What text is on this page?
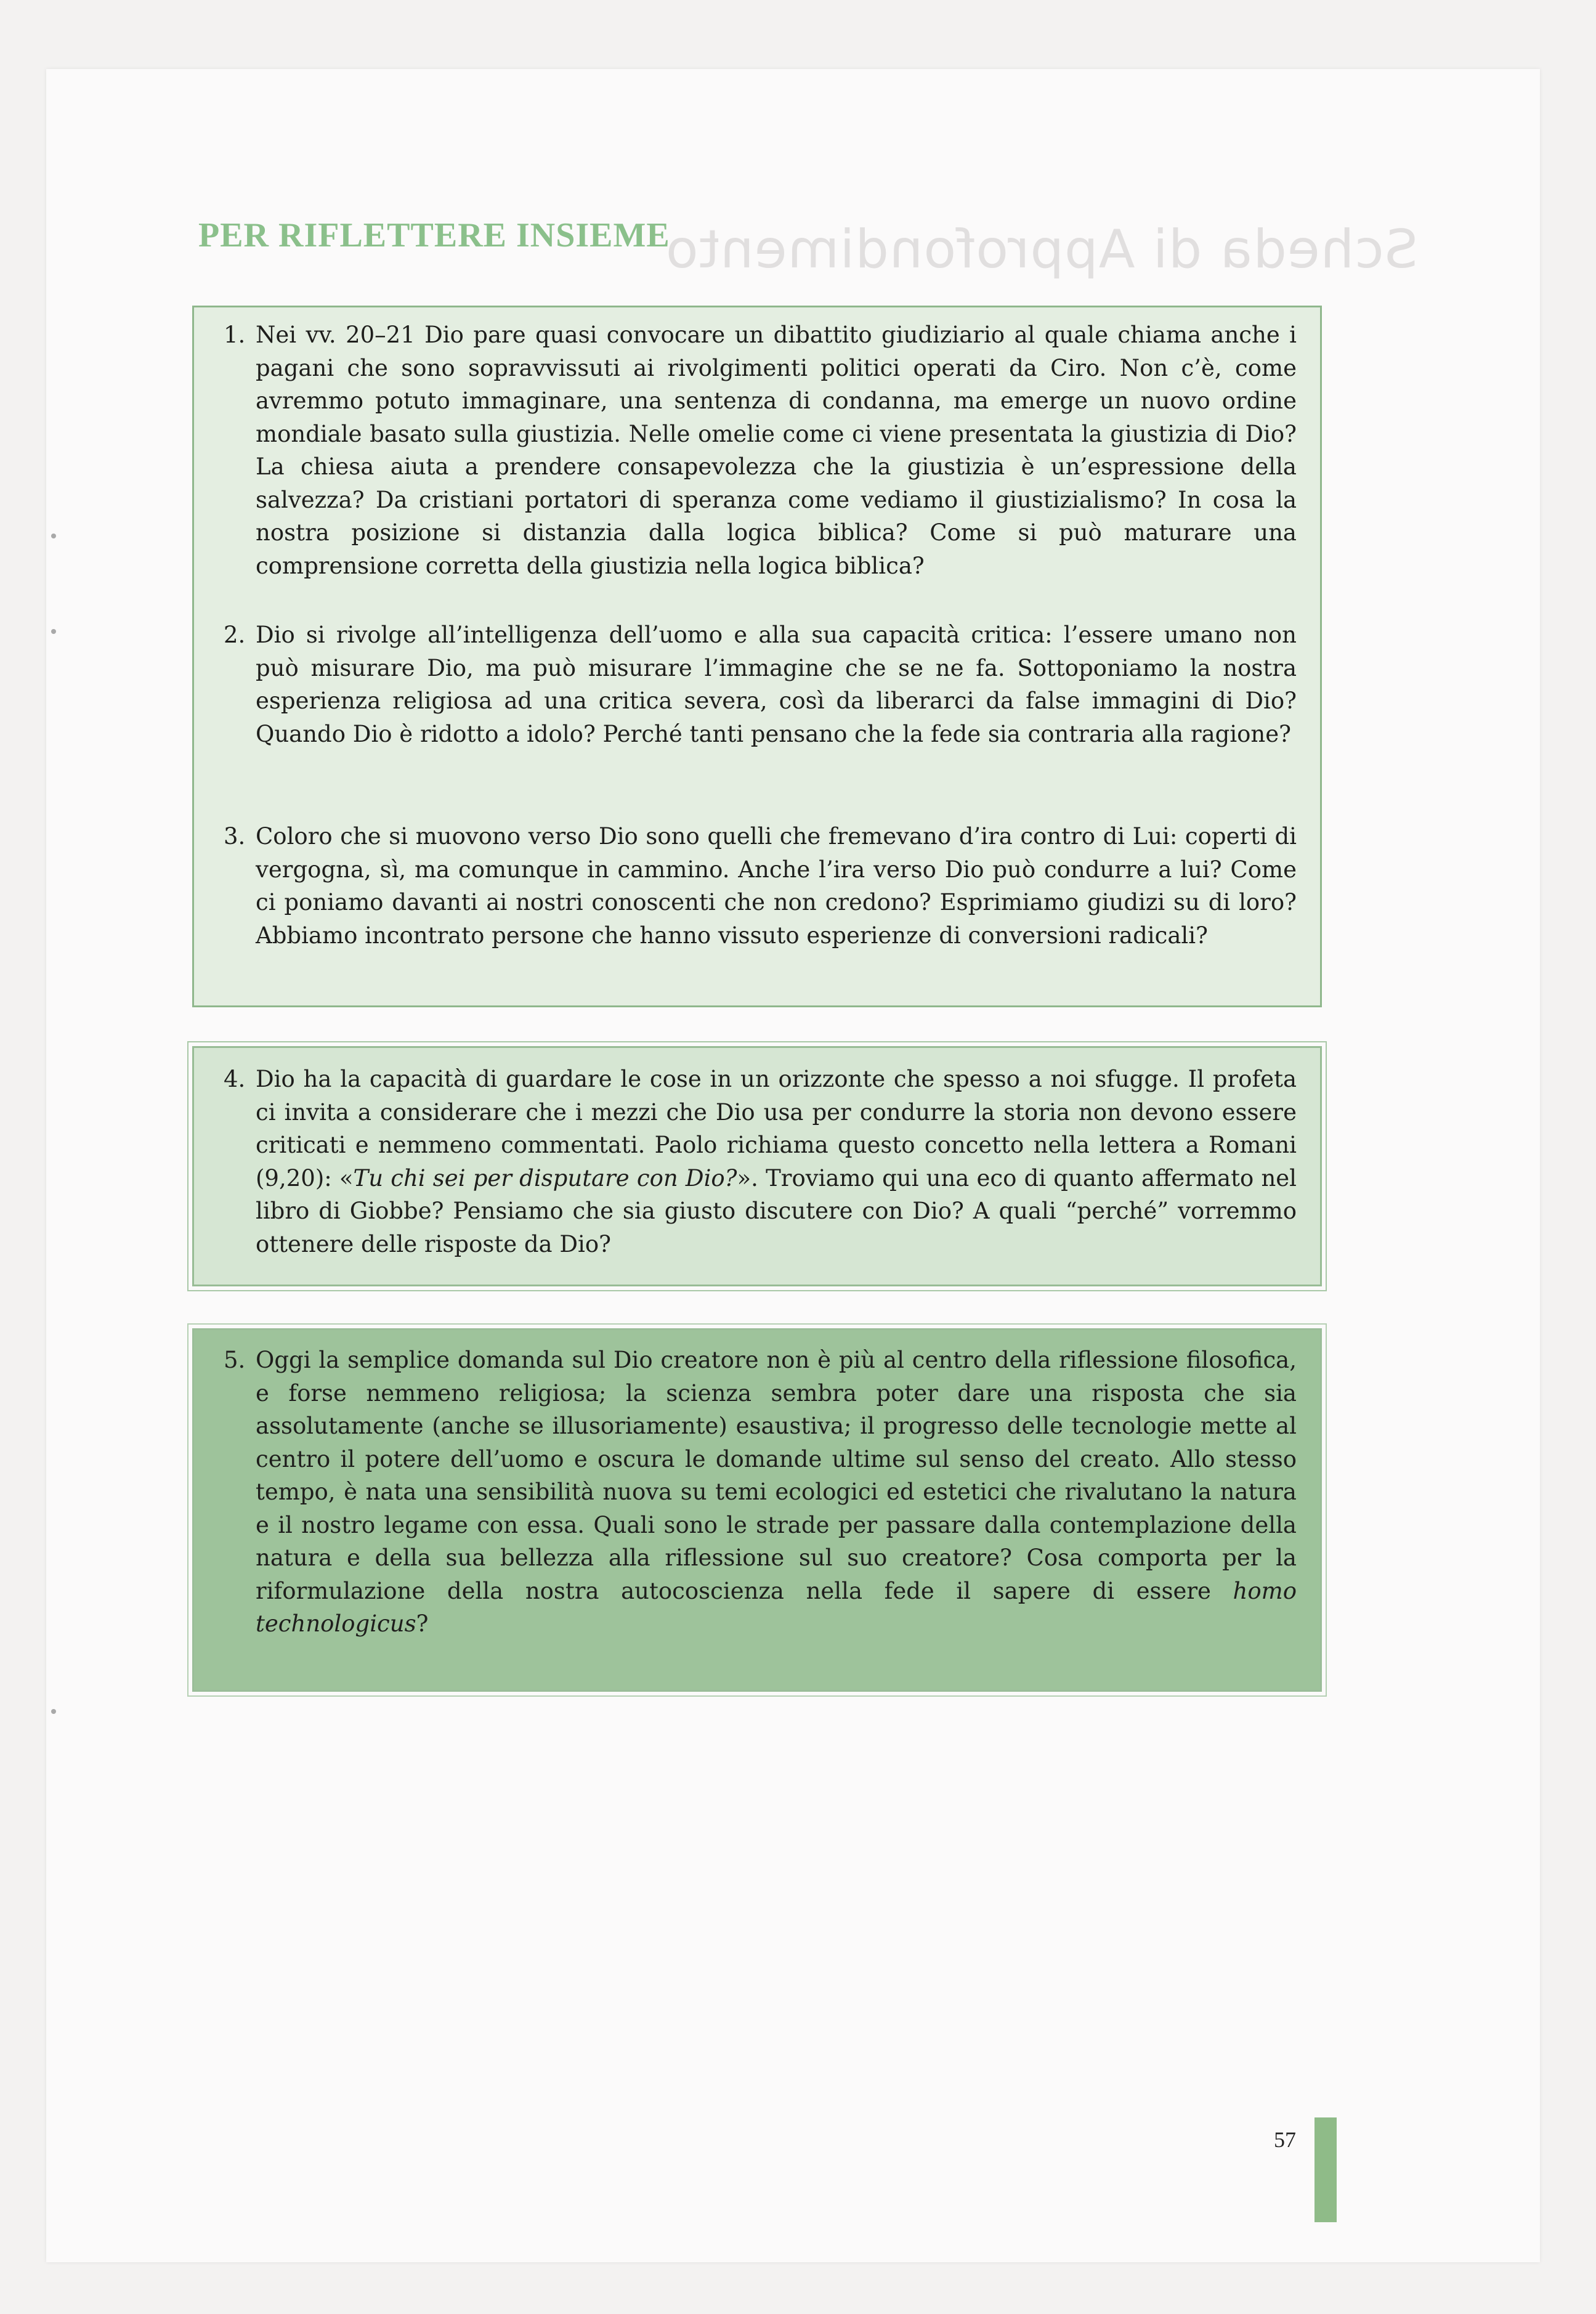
Scheda di Approfondimento
PER RIFLETTERE INSIEME
1. Nei vv. 20–21 Dio pare quasi convocare un dibattito giudiziario al quale chiama anche i pagani che sono sopravvissuti ai rivolgimenti politici operati da Ciro. Non c’è, come avremmo potuto immaginare, una sentenza di condanna, ma emerge un nuovo ordine mondiale basato sulla giustizia. Nelle omelie come ci viene presentata la giustizia di Dio? La chiesa aiuta a prendere consapevolezza che la giustizia è un’espressione della salvezza? Da cristiani portatori di speranza come vediamo il giustizialismo? In cosa la nostra posizione si distanzia dalla logica biblica? Come si può maturare una comprensione corretta della giustizia nella logica biblica?
2. Dio si rivolge all’intelligenza dell’uomo e alla sua capacità critica: l’essere umano non può misurare Dio, ma può misurare l’immagine che se ne fa. Sottoponiamo la nostra esperienza religiosa ad una critica severa, così da liberarci da false immagini di Dio? Quando Dio è ridotto a idolo? Perché tanti pensano che la fede sia contraria alla ragione?
3. Coloro che si muovono verso Dio sono quelli che fremevano d’ira contro di Lui: coperti di vergogna, sì, ma comunque in cammino. Anche l’ira verso Dio può condurre a lui? Come ci poniamo davanti ai nostri conoscenti che non credono? Esprimiamo giudizi su di loro? Abbiamo incontrato persone che hanno vissuto esperienze di conversioni radicali?
4. Dio ha la capacità di guardare le cose in un orizzonte che spesso a noi sfugge. Il profeta ci invita a considerare che i mezzi che Dio usa per condurre la storia non devono essere criticati e nemmeno commentati. Paolo richiama questo concetto nella lettera a Romani (9,20): «Tu chi sei per disputare con Dio?». Troviamo qui una eco di quanto affermato nel libro di Giobbe? Pensiamo che sia giusto discutere con Dio? A quali “perché” vorremmo ottenere delle risposte da Dio?
5. Oggi la semplice domanda sul Dio creatore non è più al centro della riflessione filosofica, e forse nemmeno religiosa; la scienza sembra poter dare una risposta che sia assolutamente (anche se illusoriamente) esaustiva; il progresso delle tecnologie mette al centro il potere dell’uomo e oscura le domande ultime sul senso del creato. Allo stesso tempo, è nata una sensibilità nuova su temi ecologici ed estetici che rivalutano la natura e il nostro legame con essa. Quali sono le strade per passare dalla contemplazione della natura e della sua bellezza alla riflessione sul suo creatore? Cosa comporta per la riformulazione della nostra autocoscienza nella fede il sapere di essere homo technologicus?
57
